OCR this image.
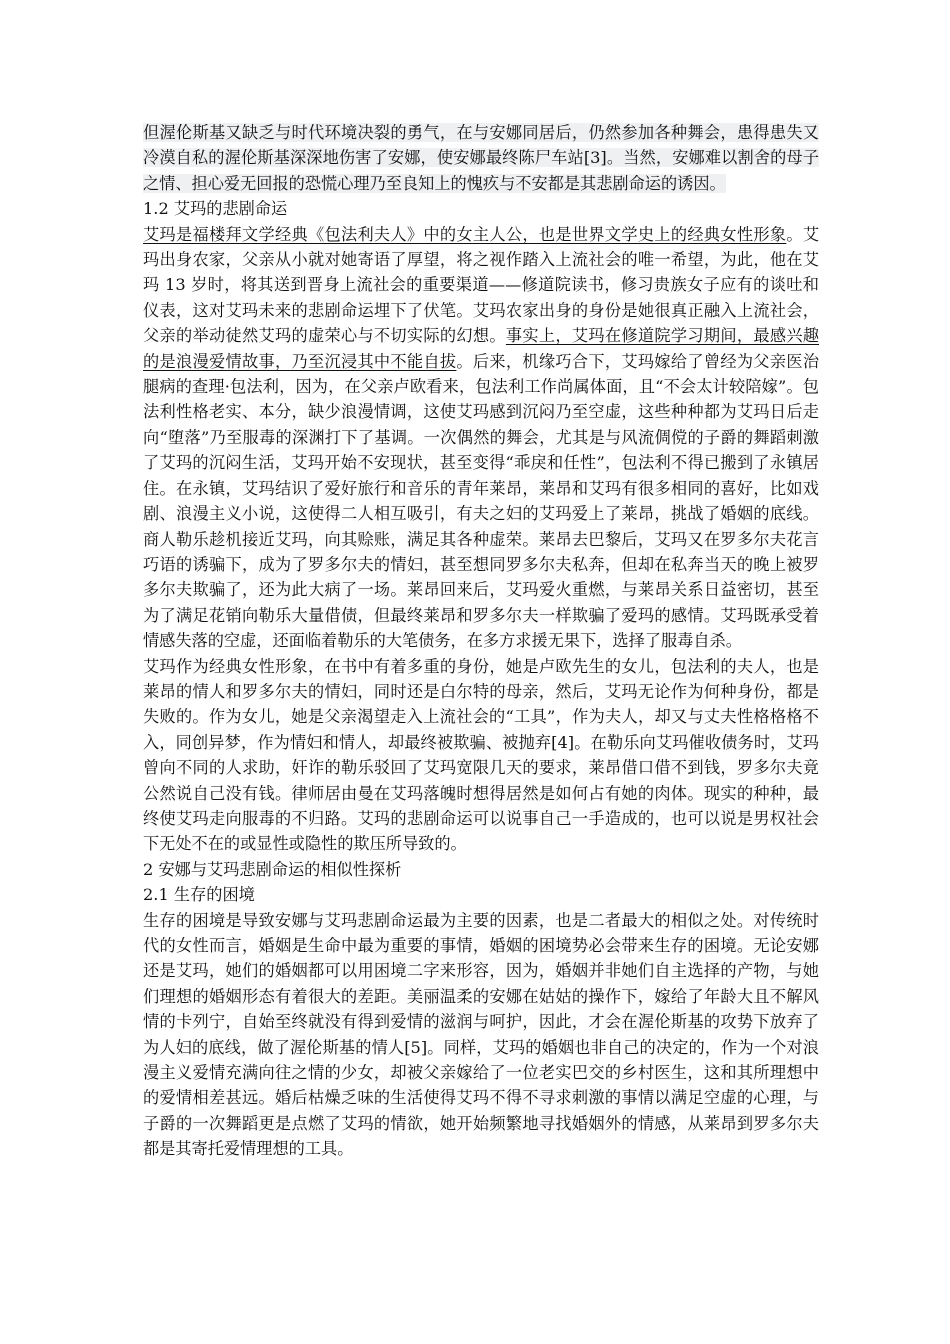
但渥伦斯基又缺乏与时代环境决裂的勇气，在与安娜同居后，仍然参加各种舞会，患得患失又冷漠自私的渥伦斯基深深地伤害了安娜，使安娜最终陈尸车站[3]。当然，安娜难以割舍的母子之情、担心爱无回报的恐慌心理乃至良知上的愧疚与不安都是其悲剧命运的诱因。

1.2 艾玛的悲剧命运

艾玛是福楼拜文学经典《包法利夫人》中的女主人公，也是世界文学史上的经典女性形象。艾玛出身农家，父亲从小就对她寄语了厚望，将之视作踏入上流社会的唯一希望，为此，他在艾玛 13 岁时，将其送到晋身上流社会的重要渠道——修道院读书，修习贵族女子应有的谈吐和仪表，这对艾玛未来的悲剧命运埋下了伏笔。艾玛农家出身的身份是她很真正融入上流社会，父亲的举动徒然艾玛的虚荣心与不切实际的幻想。事实上，艾玛在修道院学习期间，最感兴趣的是浪漫爱情故事，乃至沉浸其中不能自拔。后来，机缘巧合下，艾玛嫁给了曾经为父亲医治腿病的查理·包法利，因为，在父亲卢欧看来，包法利工作尚属体面，且“不会太计较陪嫁”。包法利性格老实、本分，缺少浪漫情调，这使艾玛感到沉闷乃至空虚，这些种种都为艾玛日后走向“堕落”乃至服毒的深渊打下了基调。一次偶然的舞会，尤其是与风流倜傥的子爵的舞蹈刺激了艾玛的沉闷生活，艾玛开始不安现状，甚至变得“乖戾和任性”，包法利不得已搬到了永镇居住。在永镇，艾玛结识了爱好旅行和音乐的青年莱昂，莱昂和艾玛有很多相同的喜好，比如戏剧、浪漫主义小说，这使得二人相互吸引，有夫之妇的艾玛爱上了莱昂，挑战了婚姻的底线。商人勒乐趁机接近艾玛，向其赊账，满足其各种虚荣。莱昂去巴黎后，艾玛又在罗多尔夫花言巧语的诱骗下，成为了罗多尔夫的情妇，甚至想同罗多尔夫私奔，但却在私奔当天的晚上被罗多尔夫欺骗了，还为此大病了一场。莱昂回来后，艾玛爱火重燃，与莱昂关系日益密切，甚至为了满足花销向勒乐大量借债，但最终莱昂和罗多尔夫一样欺骗了爱玛的感情。艾玛既承受着情感失落的空虚，还面临着勒乐的大笔债务，在多方求援无果下，选择了服毒自杀。

艾玛作为经典女性形象，在书中有着多重的身份，她是卢欧先生的女儿，包法利的夫人，也是莱昂的情人和罗多尔夫的情妇，同时还是白尔特的母亲，然后，艾玛无论作为何种身份，都是失败的。作为女儿，她是父亲渴望走入上流社会的“工具”，作为夫人，却又与丈夫性格格格不入，同创异梦，作为情妇和情人，却最终被欺骗、被抛弃[4]。在勒乐向艾玛催收债务时，艾玛曾向不同的人求助，奸诈的勒乐驳回了艾玛宽限几天的要求，莱昂借口借不到钱，罗多尔夫竟公然说自己没有钱。律师居由曼在艾玛落魄时想得居然是如何占有她的肉体。现实的种种，最终使艾玛走向服毒的不归路。艾玛的悲剧命运可以说事自己一手造成的，也可以说是男权社会下无处不在的或显性或隐性的欺压所导致的。

2 安娜与艾玛悲剧命运的相似性探析

2.1 生存的困境

生存的困境是导致安娜与艾玛悲剧命运最为主要的因素，也是二者最大的相似之处。对传统时代的女性而言，婚姻是生命中最为重要的事情，婚姻的困境势必会带来生存的困境。无论安娜还是艾玛，她们的婚姻都可以用困境二字来形容，因为，婚姻并非她们自主选择的产物，与她们理想的婚姻形态有着很大的差距。美丽温柔的安娜在姑姑的操作下，嫁给了年龄大且不解风情的卡列宁，自始至终就没有得到爱情的滋润与呵护，因此，才会在渥伦斯基的攻势下放弃了为人妇的底线，做了渥伦斯基的情人[5]。同样，艾玛的婚姻也非自己的决定的，作为一个对浪漫主义爱情充满向往之情的少女，却被父亲嫁给了一位老实巴交的乡村医生，这和其所理想中的爱情相差甚远。婚后枯燥乏味的生活使得艾玛不得不寻求刺激的事情以满足空虚的心理，与子爵的一次舞蹈更是点燃了艾玛的情欲，她开始频繁地寻找婚姻外的情感，从莱昂到罗多尔夫都是其寄托爱情理想的工具。
